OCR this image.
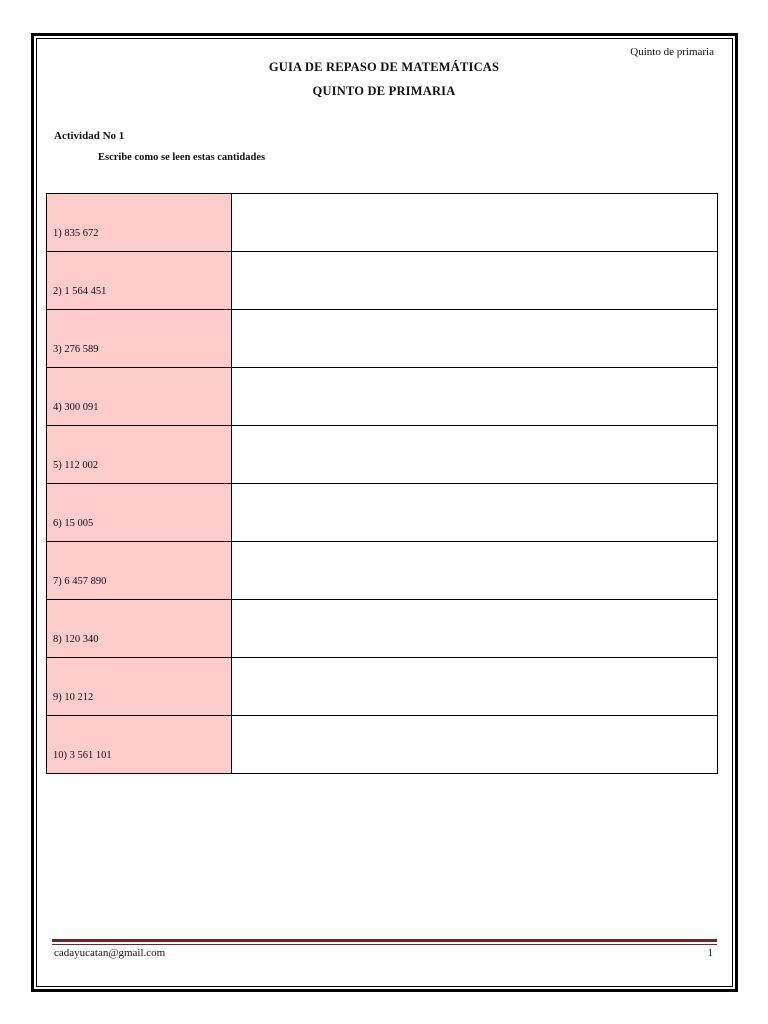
Quinto de primaria
GUIA DE REPASO DE MATEMÁTICAS
QUINTO DE PRIMARIA
Actividad No 1
Escribe como se leen estas cantidades
1) 835 672	
2) 1 564 451	
3) 276 589	
4) 300 091	
5) 112 002	
6) 15 005	
7) 6 457 890	
8) 120 340	
9) 10 212	
10) 3 561 101	
cadayucatan@gmail.com	1
